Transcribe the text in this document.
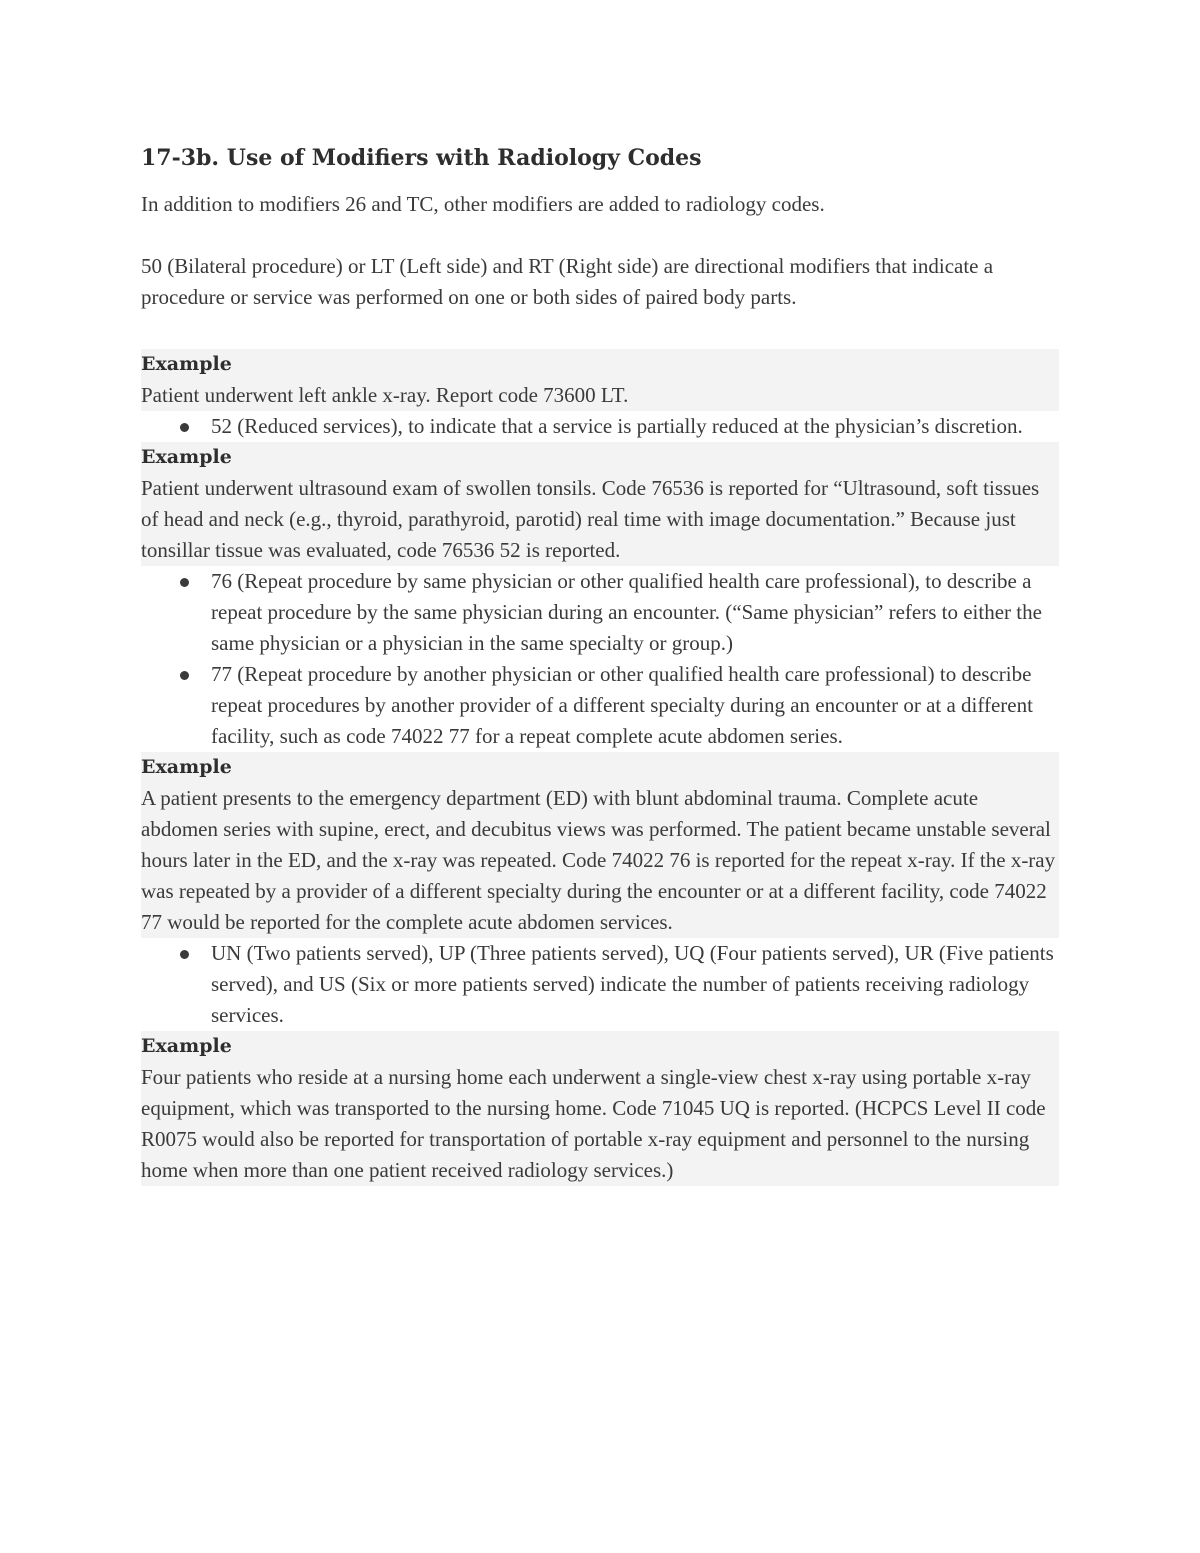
17-3b. Use of Modifiers with Radiology Codes

In addition to modifiers 26 and TC, other modifiers are added to radiology codes.

50 (Bilateral procedure) or LT (Left side) and RT (Right side) are directional modifiers that indicate a procedure or service was performed on one or both sides of paired body parts.

Example
Patient underwent left ankle x-ray. Report code 73600 LT.
52 (Reduced services), to indicate that a service is partially reduced at the physician’s discretion.
Example
Patient underwent ultrasound exam of swollen tonsils. Code 76536 is reported for “Ultrasound, soft tissues of head and neck (e.g., thyroid, parathyroid, parotid) real time with image documentation.” Because just tonsillar tissue was evaluated, code 76536 52 is reported.
76 (Repeat procedure by same physician or other qualified health care professional), to describe a repeat procedure by the same physician during an encounter. (“Same physician” refers to either the same physician or a physician in the same specialty or group.)
77 (Repeat procedure by another physician or other qualified health care professional) to describe repeat procedures by another provider of a different specialty during an encounter or at a different facility, such as code 74022 77 for a repeat complete acute abdomen series.
Example
A patient presents to the emergency department (ED) with blunt abdominal trauma. Complete acute abdomen series with supine, erect, and decubitus views was performed. The patient became unstable several hours later in the ED, and the x-ray was repeated. Code 74022 76 is reported for the repeat x-ray. If the x-ray was repeated by a provider of a different specialty during the encounter or at a different facility, code 74022 77 would be reported for the complete acute abdomen services.
UN (Two patients served), UP (Three patients served), UQ (Four patients served), UR (Five patients served), and US (Six or more patients served) indicate the number of patients receiving radiology services.
Example
Four patients who reside at a nursing home each underwent a single-view chest x-ray using portable x-ray equipment, which was transported to the nursing home. Code 71045 UQ is reported. (HCPCS Level II code R0075 would also be reported for transportation of portable x-ray equipment and personnel to the nursing home when more than one patient received radiology services.)
